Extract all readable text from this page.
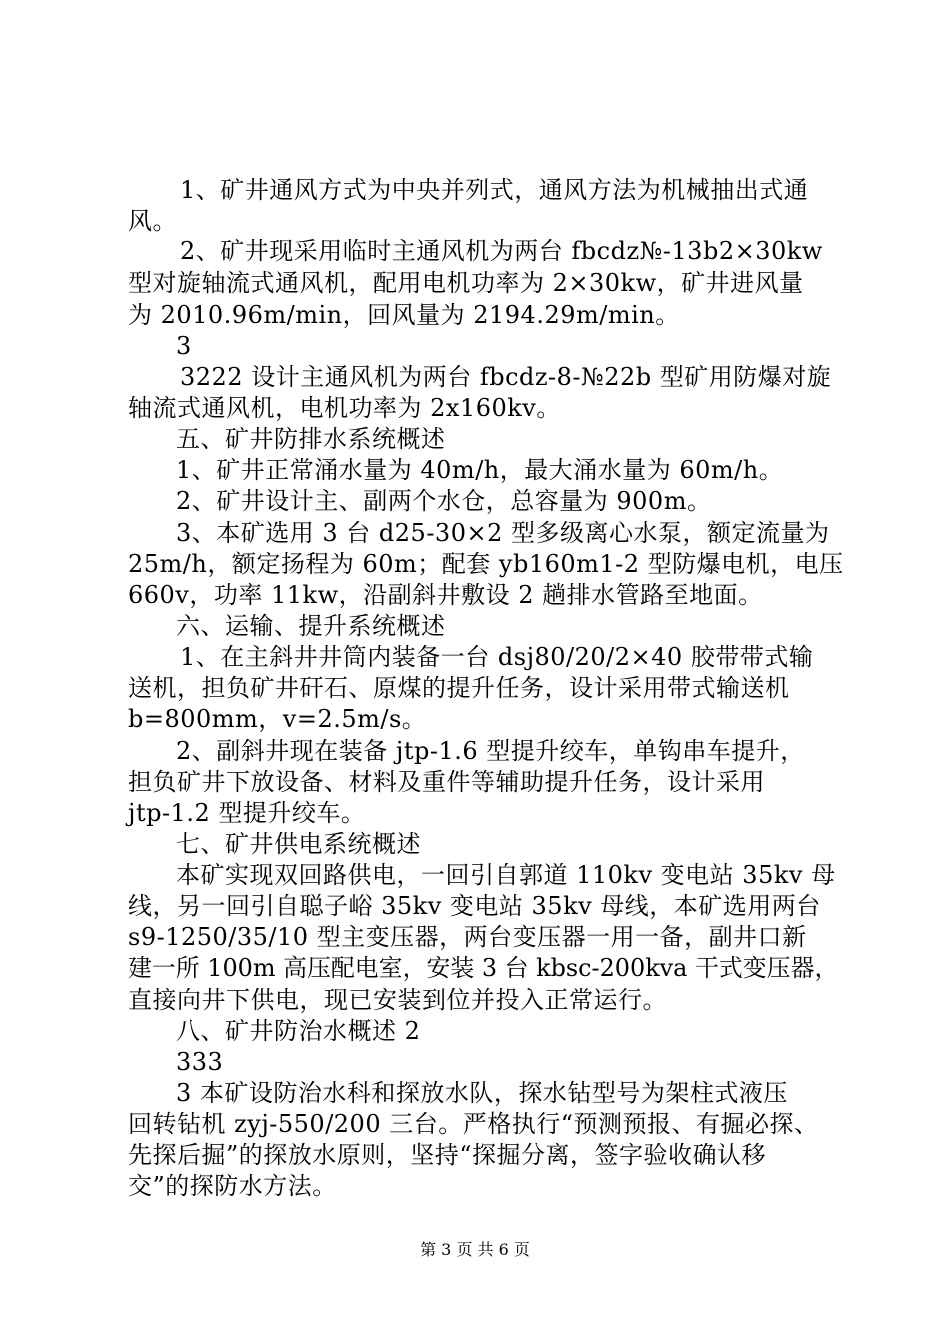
1、矿井通风方式为中央并列式，通风方法为机械抽出式通
风。
2、矿井现采用临时主通风机为两台 fbcdz№-13b2×30kw
型对旋轴流式通风机，配用电机功率为 2×30kw，矿井进风量
为 2010.96m/min，回风量为 2194.29m/min。
3
3222 设计主通风机为两台 fbcdz-8-№22b 型矿用防爆对旋
轴流式通风机，电机功率为 2x160kv。
五、矿井防排水系统概述
1、矿井正常涌水量为 40m/h，最大涌水量为 60m/h。
2、矿井设计主、副两个水仓，总容量为 900m。
3、本矿选用 3 台 d25-30×2 型多级离心水泵，额定流量为
25m/h，额定扬程为 60m；配套 yb160m1-2 型防爆电机，电压
660v，功率 11kw，沿副斜井敷设 2 趟排水管路至地面。
六、运输、提升系统概述
1、在主斜井井筒内装备一台 dsj80/20/2×40 胶带带式输
送机，担负矿井矸石、原煤的提升任务，设计采用带式输送机
b=800mm，v=2.5m/s。
2、副斜井现在装备 jtp-1.6 型提升绞车，单钩串车提升，
担负矿井下放设备、材料及重件等辅助提升任务，设计采用
jtp-1.2 型提升绞车。
七、矿井供电系统概述
本矿实现双回路供电，一回引自郭道 110kv 变电站 35kv 母
线，另一回引自聪子峪 35kv 变电站 35kv 母线，本矿选用两台
s9-1250/35/10 型主变压器，两台变压器一用一备，副井口新
建一所 100m 高压配电室，安装 3 台 kbsc-200kva 干式变压器，
直接向井下供电，现已安装到位并投入正常运行。
八、矿井防治水概述 2
333
3 本矿设防治水科和探放水队，探水钻型号为架柱式液压
回转钻机 zyj-550/200 三台。严格执行“预测预报、有掘必探、
先探后掘”的探放水原则，坚持“探掘分离，签字验收确认移
交”的探防水方法。
第 3 页 共 6 页
